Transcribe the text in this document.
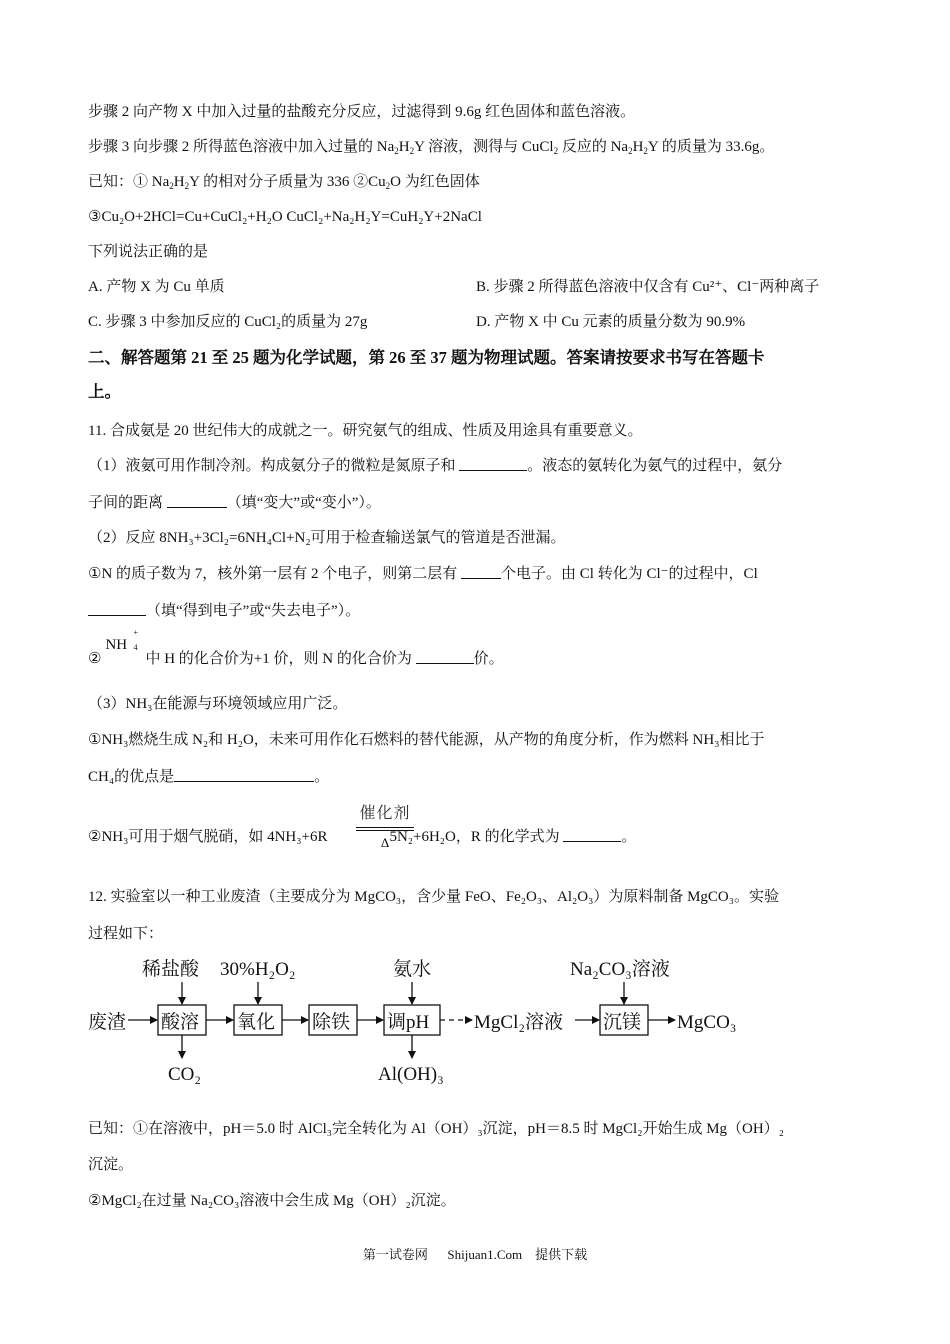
步骤 2 向产物 X 中加入过量的盐酸充分反应，过滤得到 9.6g 红色固体和蓝色溶液。
步骤 3 向步骤 2 所得蓝色溶液中加入过量的 $Na_2H_2Y$ 溶液，测得与 CuCl$_2$ 反应的 $Na_2H_2Y$ 的质量为 33.6g。
已知：① $Na_2H_2Y$ 的相对分子质量为 336 $②Cu_2O$ 为红色固体
③Cu₂O+2HCl=Cu+CuCl₂+H₂O CuCl₂+Na₂H₂Y=CuH₂Y+2NaCl
下列说法正确的是
A. 产物 X 为 Cu 单质	B. 步骤 2 所得蓝色溶液中仅含有 Cu²⁺、Cl⁻两种离子
C. 步骤 3 中参加反应的 CuCl₂的质量为 27g	D. 产物 X 中 Cu 元素的质量分数为 90.9%
二、解答题第 21 至 25 题为化学试题，第 26 至 37 题为物理试题。答案请按要求书写在答题卡
上。
11. 合成氨是 20 世纪伟大的成就之一。研究氨气的组成、性质及用途具有重要意义。
（1）液氨可用作制冷剂。构成氨分子的微粒是氮原子和	。液态的氨转化为氨气的过程中，氨分
子间的距离	（填“变大”或“变小”）。
（2）反应 8NH₃+3Cl₂=6NH₄Cl+N₂可用于检查输送氯气的管道是否泄漏。
①N 的质子数为 7，核外第一层有 2 个电子，则第二层有	个电子。由 Cl 转化为 Cl⁻的过程中，Cl
（填“得到电子”或“失去电子”）。
②
NH
+
4
中 H 的化合价为+1 价，则 N 的化合价为	价。
（3）NH₃在能源与环境领域应用广泛。
①NH₃燃烧生成 N₂和 H₂O，未来可用作化石燃料的替代能源，从产物的角度分析，作为燃料 NH₃相比于
CH₄的优点是	。
②NH₃可用于烟气脱硝，如 4NH₃+6R	5N₂+6H₂O，R 的化学式为	。
催化剂
Δ
12. 实验室以一种工业废渣（主要成分为 MgCO₃，含少量 FeO、Fe₂O₃、Al₂O₃）为原料制备 MgCO₃。实验
过程如下：
稀盐酸 30%H₂O₂	氨水	Na₂CO₃溶液
废渣 酸溶 氧化 除铁 调pH MgCl₂溶液 沉镁 MgCO₃
CO₂	Al(OH)₃
已知：①在溶液中，pH＝5.0 时 AlCl₃完全转化为 Al（OH）₃沉淀，pH＝8.5 时 MgCl₂开始生成 Mg（OH）₂
沉淀。
②MgCl₂在过量 Na₂CO₃溶液中会生成 Mg（OH）₂沉淀。
第一试卷网      Shijuan1.Com    提供下载
